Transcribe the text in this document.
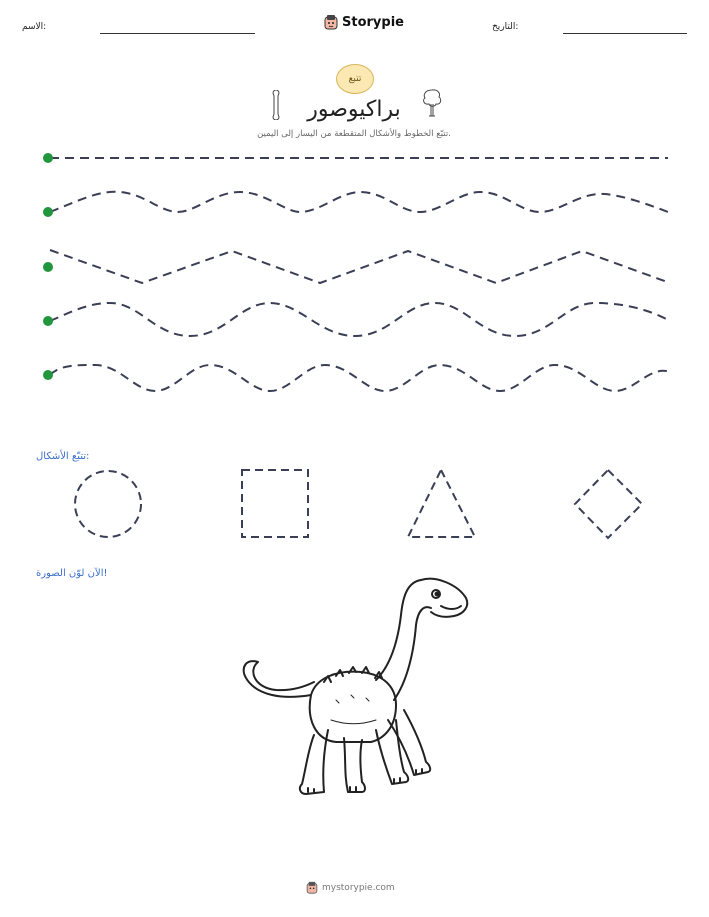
الاسم:	Storypie	التاريخ:
تتبع
براكيوصور
تتبّع الخطوط والأشكال المتقطعة من اليسار إلى اليمين.
تتبّع الأشكال:
الآن لوّن الصورة!
mystorypie.com
